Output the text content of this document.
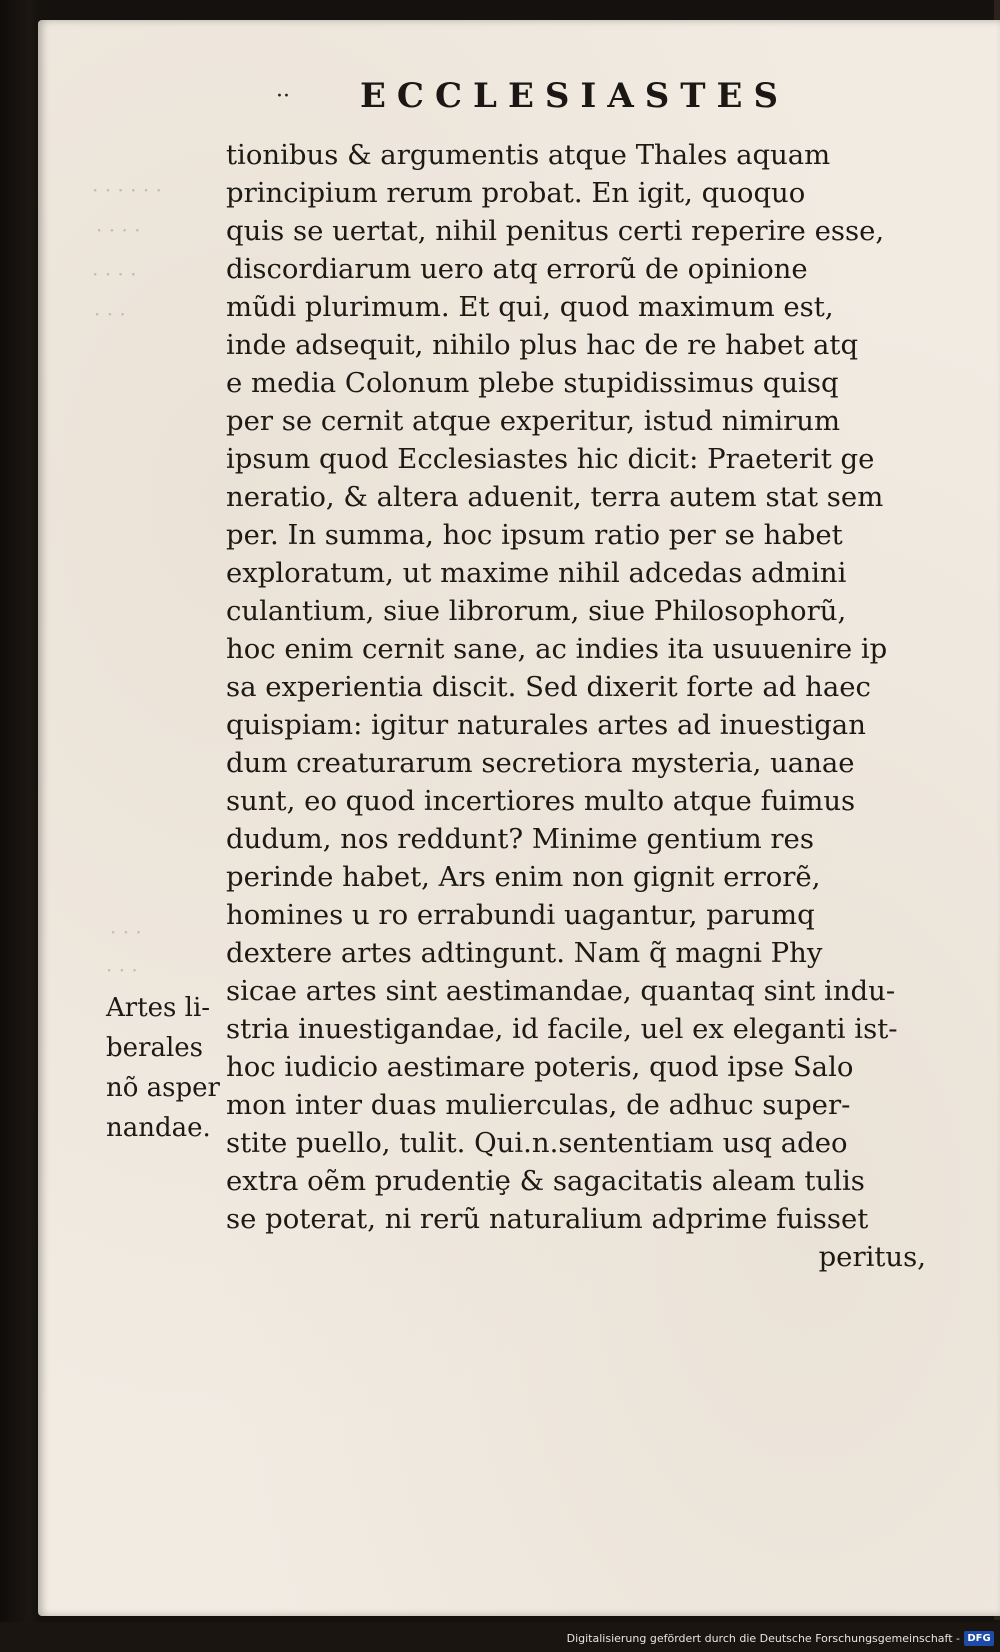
· · · · · ·
· · · ·
· · · ·
· · ·
· · ·
· · ·
·· ECCLESIASTES
tionibus & argumentis atque Thales aquam
principium rerum probat. En igit, quoquo
quis se uertat, nihil penitus certi reperire esse,
discordiarum uero atq errorũ de opinione
mũdi plurimum. Et qui, quod maximum est,
inde adsequit, nihilo plus hac de re habet atq
e media Colonum plebe stupidissimus quisq
per se cernit atque experitur, istud nimirum
ipsum quod Ecclesiastes hic dicit: Praeterit ge
neratio, & altera aduenit, terra autem stat sem
per. In summa, hoc ipsum ratio per se habet
exploratum, ut maxime nihil adcedas admini
culantium, siue librorum, siue Philosophorũ,
hoc enim cernit sane, ac indies ita usuuenire ip
sa experientia discit. Sed dixerit forte ad haec
quispiam: igitur naturales artes ad inuestigan
dum creaturarum secretiora mysteria, uanae
sunt, eo quod incertiores multo atque fuimus
dudum, nos reddunt? Minime gentium res
perinde habet, Ars enim non gignit errorẽ,
homines u ro errabundi uagantur, parumq
dextere artes adtingunt. Nam q̃ magni Phy
sicae artes sint aestimandae, quantaq sint indu-
stria inuestigandae, id facile, uel ex eleganti ist-
hoc iudicio aestimare poteris, quod ipse Salo
mon inter duas mulierculas, de adhuc super-
stite puello, tulit. Qui.n.sententiam usq adeo
extra oẽm prudentiȩ & sagacitatis aleam tulis
se poterat, ni rerũ naturalium adprime fuisset
peritus,
Artes li-
berales
nõ asper
nandae.
Digitalisierung gefördert durch die Deutsche Forschungsgemeinschaft - DFG
